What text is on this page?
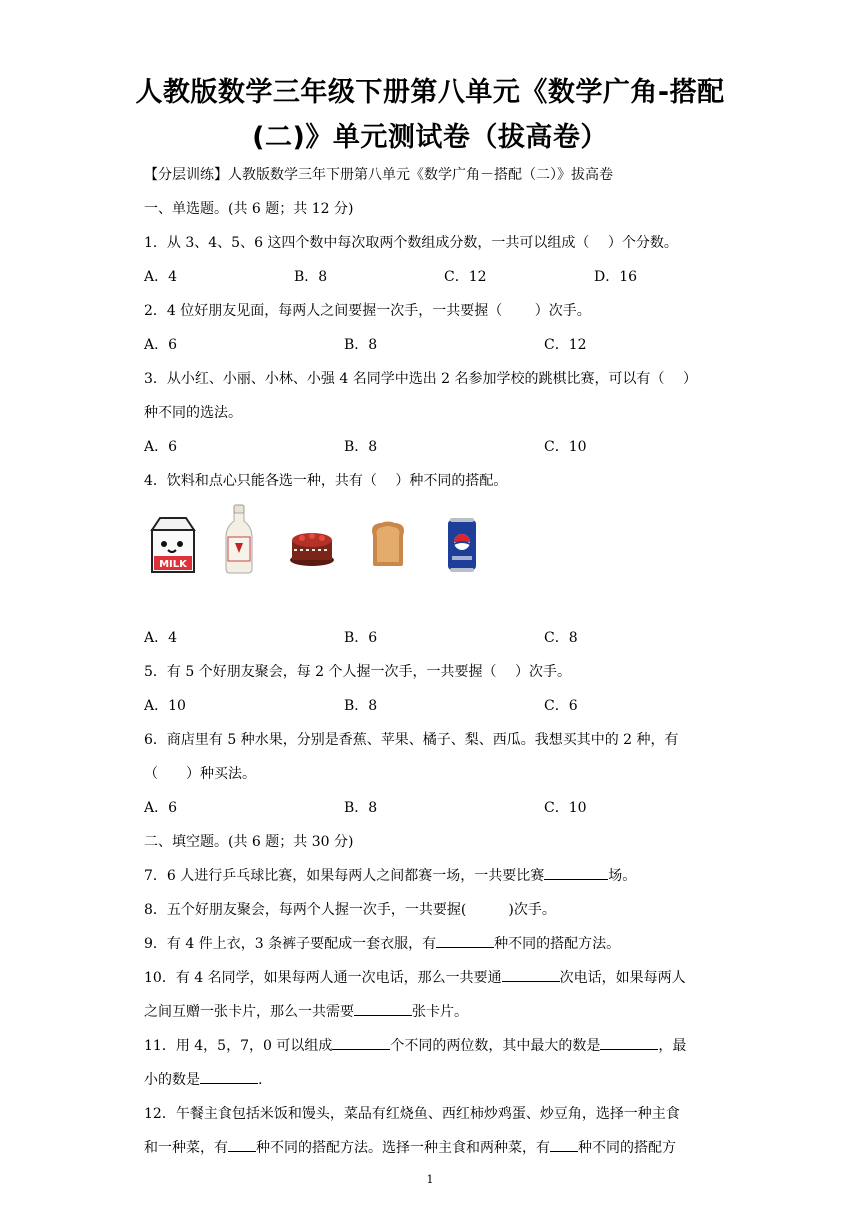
人教版数学三年级下册第八单元《数学广角-搭配
(二)》单元测试卷（拔高卷）
【分层训练】人教版数学三年下册第八单元《数学广角－搭配（二）》拔高卷
一、单选题。(共 6 题；共 12 分)
1．从 3、4、5、6 这四个数中每次取两个数组成分数，一共可以组成（　 ）个分数。
A．4	B．8	C．12	D．16
2．4 位好朋友见面，每两人之间要握一次手，一共要握（　　 ）次手。
A．6	B．8	C．12
3．从小红、小丽、小林、小强 4 名同学中选出 2 名参加学校的跳棋比赛，可以有（　 ）
种不同的选法。
A．6	B．8	C．10
4．饮料和点心只能各选一种，共有（　 ）种不同的搭配。
MILK
A．4	B．6	C．8
5．有 5 个好朋友聚会，每 2 个人握一次手，一共要握（　 ）次手。
A．10	B．8	C．6
6．商店里有 5 种水果，分别是香蕉、苹果、橘子、梨、西瓜。我想买其中的 2 种，有
（　　）种买法。
A．6	B．8	C．10
二、填空题。(共 6 题；共 30 分)
7．6 人进行乒乓球比赛，如果每两人之间都赛一场，一共要比赛	场。
8．五个好朋友聚会，每两个人握一次手，一共要握(　　　)次手。
9．有 4 件上衣，3 条裤子要配成一套衣服，有	种不同的搭配方法。
10．有 4 名同学，如果每两人通一次电话，那么一共要通	次电话，如果每两人
之间互赠一张卡片，那么一共需要	张卡片。
11．用 4，5，7，0 可以组成	个不同的两位数，其中最大的数是	，最
小的数是	.
12．午餐主食包括米饭和馒头，菜品有红烧鱼、西红柿炒鸡蛋、炒豆角，选择一种主食
和一种菜，有 种不同的搭配方法。选择一种主食和两种菜，有 种不同的搭配方
1
